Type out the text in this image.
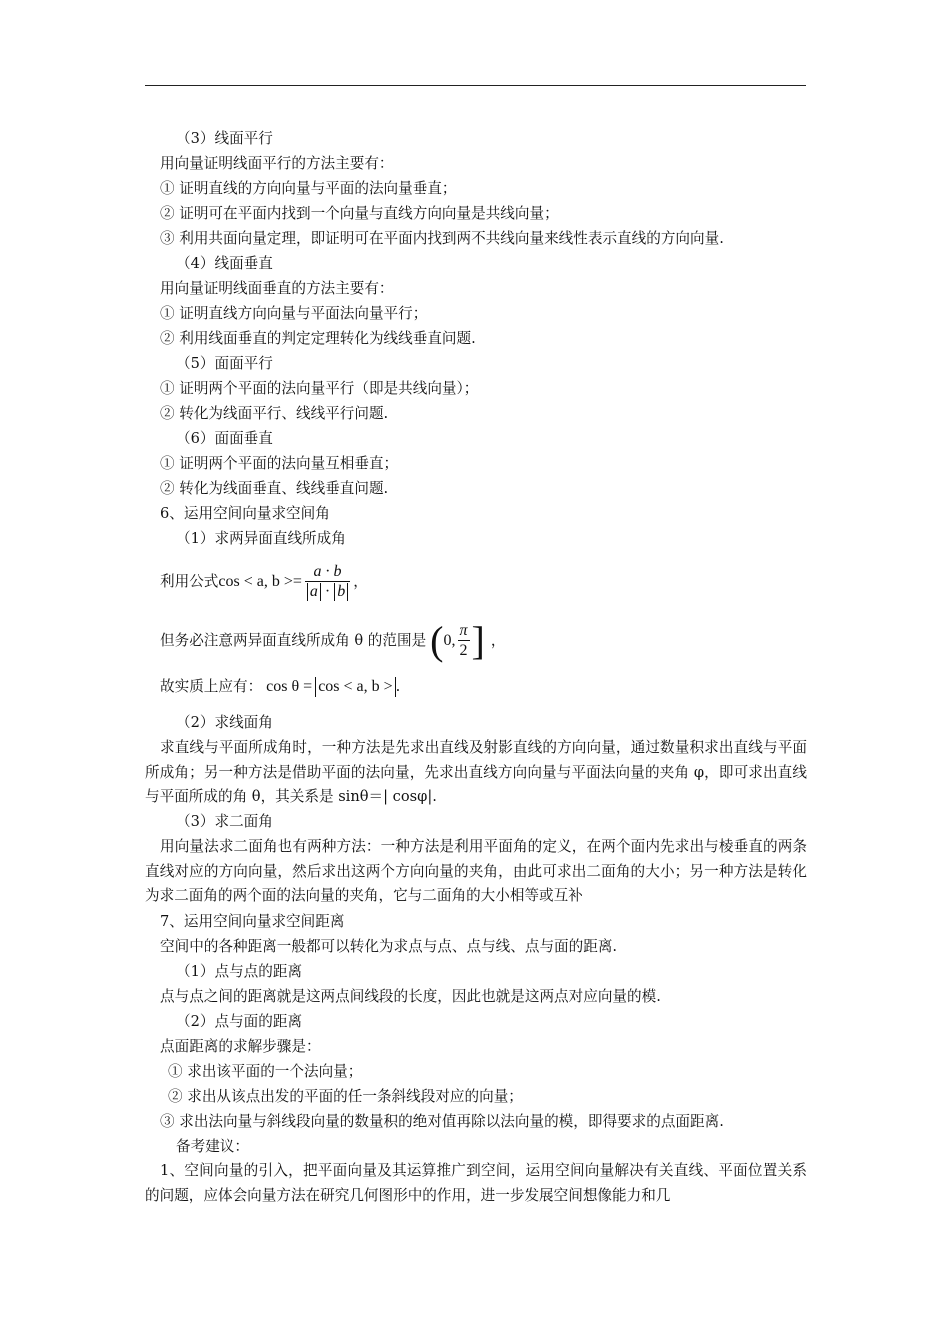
（3）线面平行
用向量证明线面平行的方法主要有：
① 证明直线的方向向量与平面的法向量垂直；
② 证明可在平面内找到一个向量与直线方向向量是共线向量；
③ 利用共面向量定理，即证明可在平面内找到两不共线向量来线性表示直线的方向向量.
（4）线面垂直
用向量证明线面垂直的方法主要有：
① 证明直线方向向量与平面法向量平行；
② 利用线面垂直的判定定理转化为线线垂直问题.
（5）面面平行
① 证明两个平面的法向量平行（即是共线向量）；
② 转化为线面平行、线线平行问题.
（6）面面垂直
① 证明两个平面的法向量互相垂直；
② 转化为线面垂直、线线垂直问题.
6、运用空间向量求空间角
（1）求两异面直线所成角
利用公式 cos < a, $b >= \frac{a \cdot b}{a \cdot b}$ ，
但务必注意两异面直线所成角 θ 的范围是 ( 0, $\frac{\pi}{2}$ ] ，
故实质上应有： cos θ = cos < a, b > .
（2）求线面角
求直线与平面所成角时，一种方法是先求出直线及射影直线的方向向量，通过数量积求出直线与平面所成角；另一种方法是借助平面的法向量，先求出直线方向向量与平面法向量的夹角 φ，即可求出直线与平面所成的角 θ，其关系是 sinθ＝| cosφ|.
（3）求二面角
用向量法求二面角也有两种方法：一种方法是利用平面角的定义，在两个面内先求出与棱垂直的两条直线对应的方向向量，然后求出这两个方向向量的夹角，由此可求出二面角的大小；另一种方法是转化为求二面角的两个面的法向量的夹角，它与二面角的大小相等或互补
7、运用空间向量求空间距离
空间中的各种距离一般都可以转化为求点与点、点与线、点与面的距离.
（1）点与点的距离
点与点之间的距离就是这两点间线段的长度，因此也就是这两点对应向量的模.
（2）点与面的距离
点面距离的求解步骤是：
① 求出该平面的一个法向量；
② 求出从该点出发的平面的任一条斜线段对应的向量；
③ 求出法向量与斜线段向量的数量积的绝对值再除以法向量的模，即得要求的点面距离.
备考建议：
1、空间向量的引入，把平面向量及其运算推广到空间，运用空间向量解决有关直线、平面位置关系的问题，应体会向量方法在研究几何图形中的作用，进一步发展空间想像能力和几
